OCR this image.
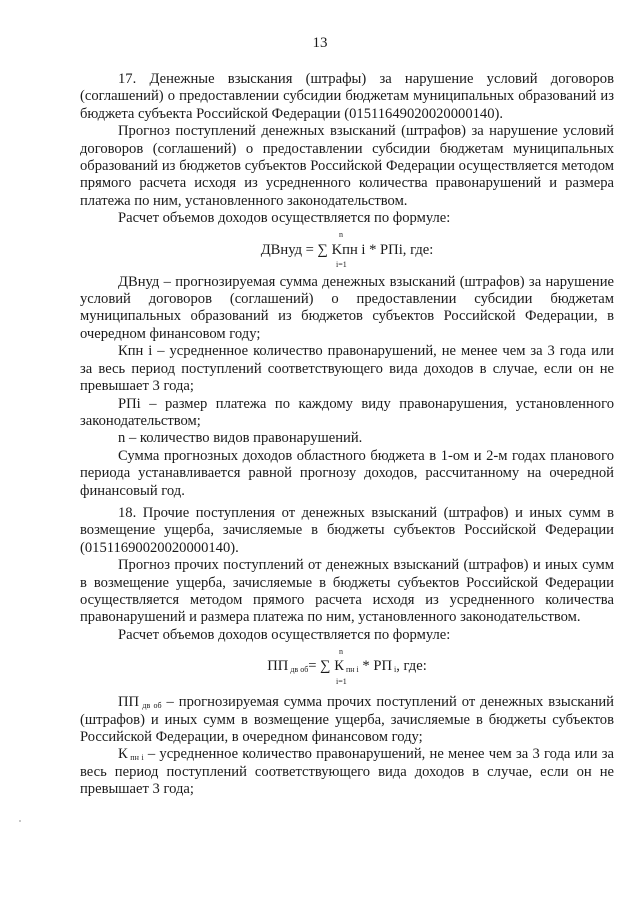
13

17. Денежные взыскания (штрафы) за нарушение условий договоров (соглашений) о предоставлении субсидии бюджетам муниципальных образований из бюджета субъекта Российской Федерации (01511649020020000140).

Прогноз поступлений денежных взысканий (штрафов) за нарушение условий договоров (соглашений) о предоставлении субсидии бюджетам муниципальных образований из бюджетов субъектов Российской Федерации осуществляется методом прямого расчета исходя из усредненного количества правонарушений и размера платежа по ним, установленного законодательством.

Расчет объемов доходов осуществляется по формуле:

n
ДВнуд = ∑ Kпн i * РПi, где:
i=1

ДВнуд – прогнозируемая сумма денежных взысканий (штрафов) за нарушение условий договоров (соглашений) о предоставлении субсидии бюджетам муниципальных образований из бюджетов субъектов Российской Федерации, в очередном финансовом году;

Кпн i – усредненное количество правонарушений, не менее чем за 3 года или за весь период поступлений соответствующего вида доходов в случае, если он не превышает 3 года;

РПi – размер платежа по каждому виду правонарушения, установленного законодательством;

n – количество видов правонарушений.

Сумма прогнозных доходов областного бюджета в 1-ом и 2-м годах планового периода устанавливается равной прогнозу доходов, рассчитанному на очередной финансовый год.

18. Прочие поступления от денежных взысканий (штрафов) и иных сумм в возмещение ущерба, зачисляемые в бюджеты субъектов Российской Федерации (01511690020020000140).

Прогноз прочих поступлений от денежных взысканий (штрафов) и иных сумм в возмещение ущерба, зачисляемые в бюджеты субъектов Российской Федерации осуществляется методом прямого расчета исходя из усредненного количества правонарушений и размера платежа по ним, установленного законодательством.

Расчет объемов доходов осуществляется по формуле:

n
ПП $_{дв об}$= ∑ К $_{пн i}$ * РП $_i$, где:
i=1

ПП $_{дв об}$ – прогнозируемая сумма прочих поступлений от денежных взысканий (штрафов) и иных сумм в возмещение ущерба, зачисляемые в бюджеты субъектов Российской Федерации, в очередном финансовом году;

К $_{пн i}$ – усредненное количество правонарушений, не менее чем за 3 года или за весь период поступлений соответствующего вида доходов в случае, если он не превышает 3 года;
